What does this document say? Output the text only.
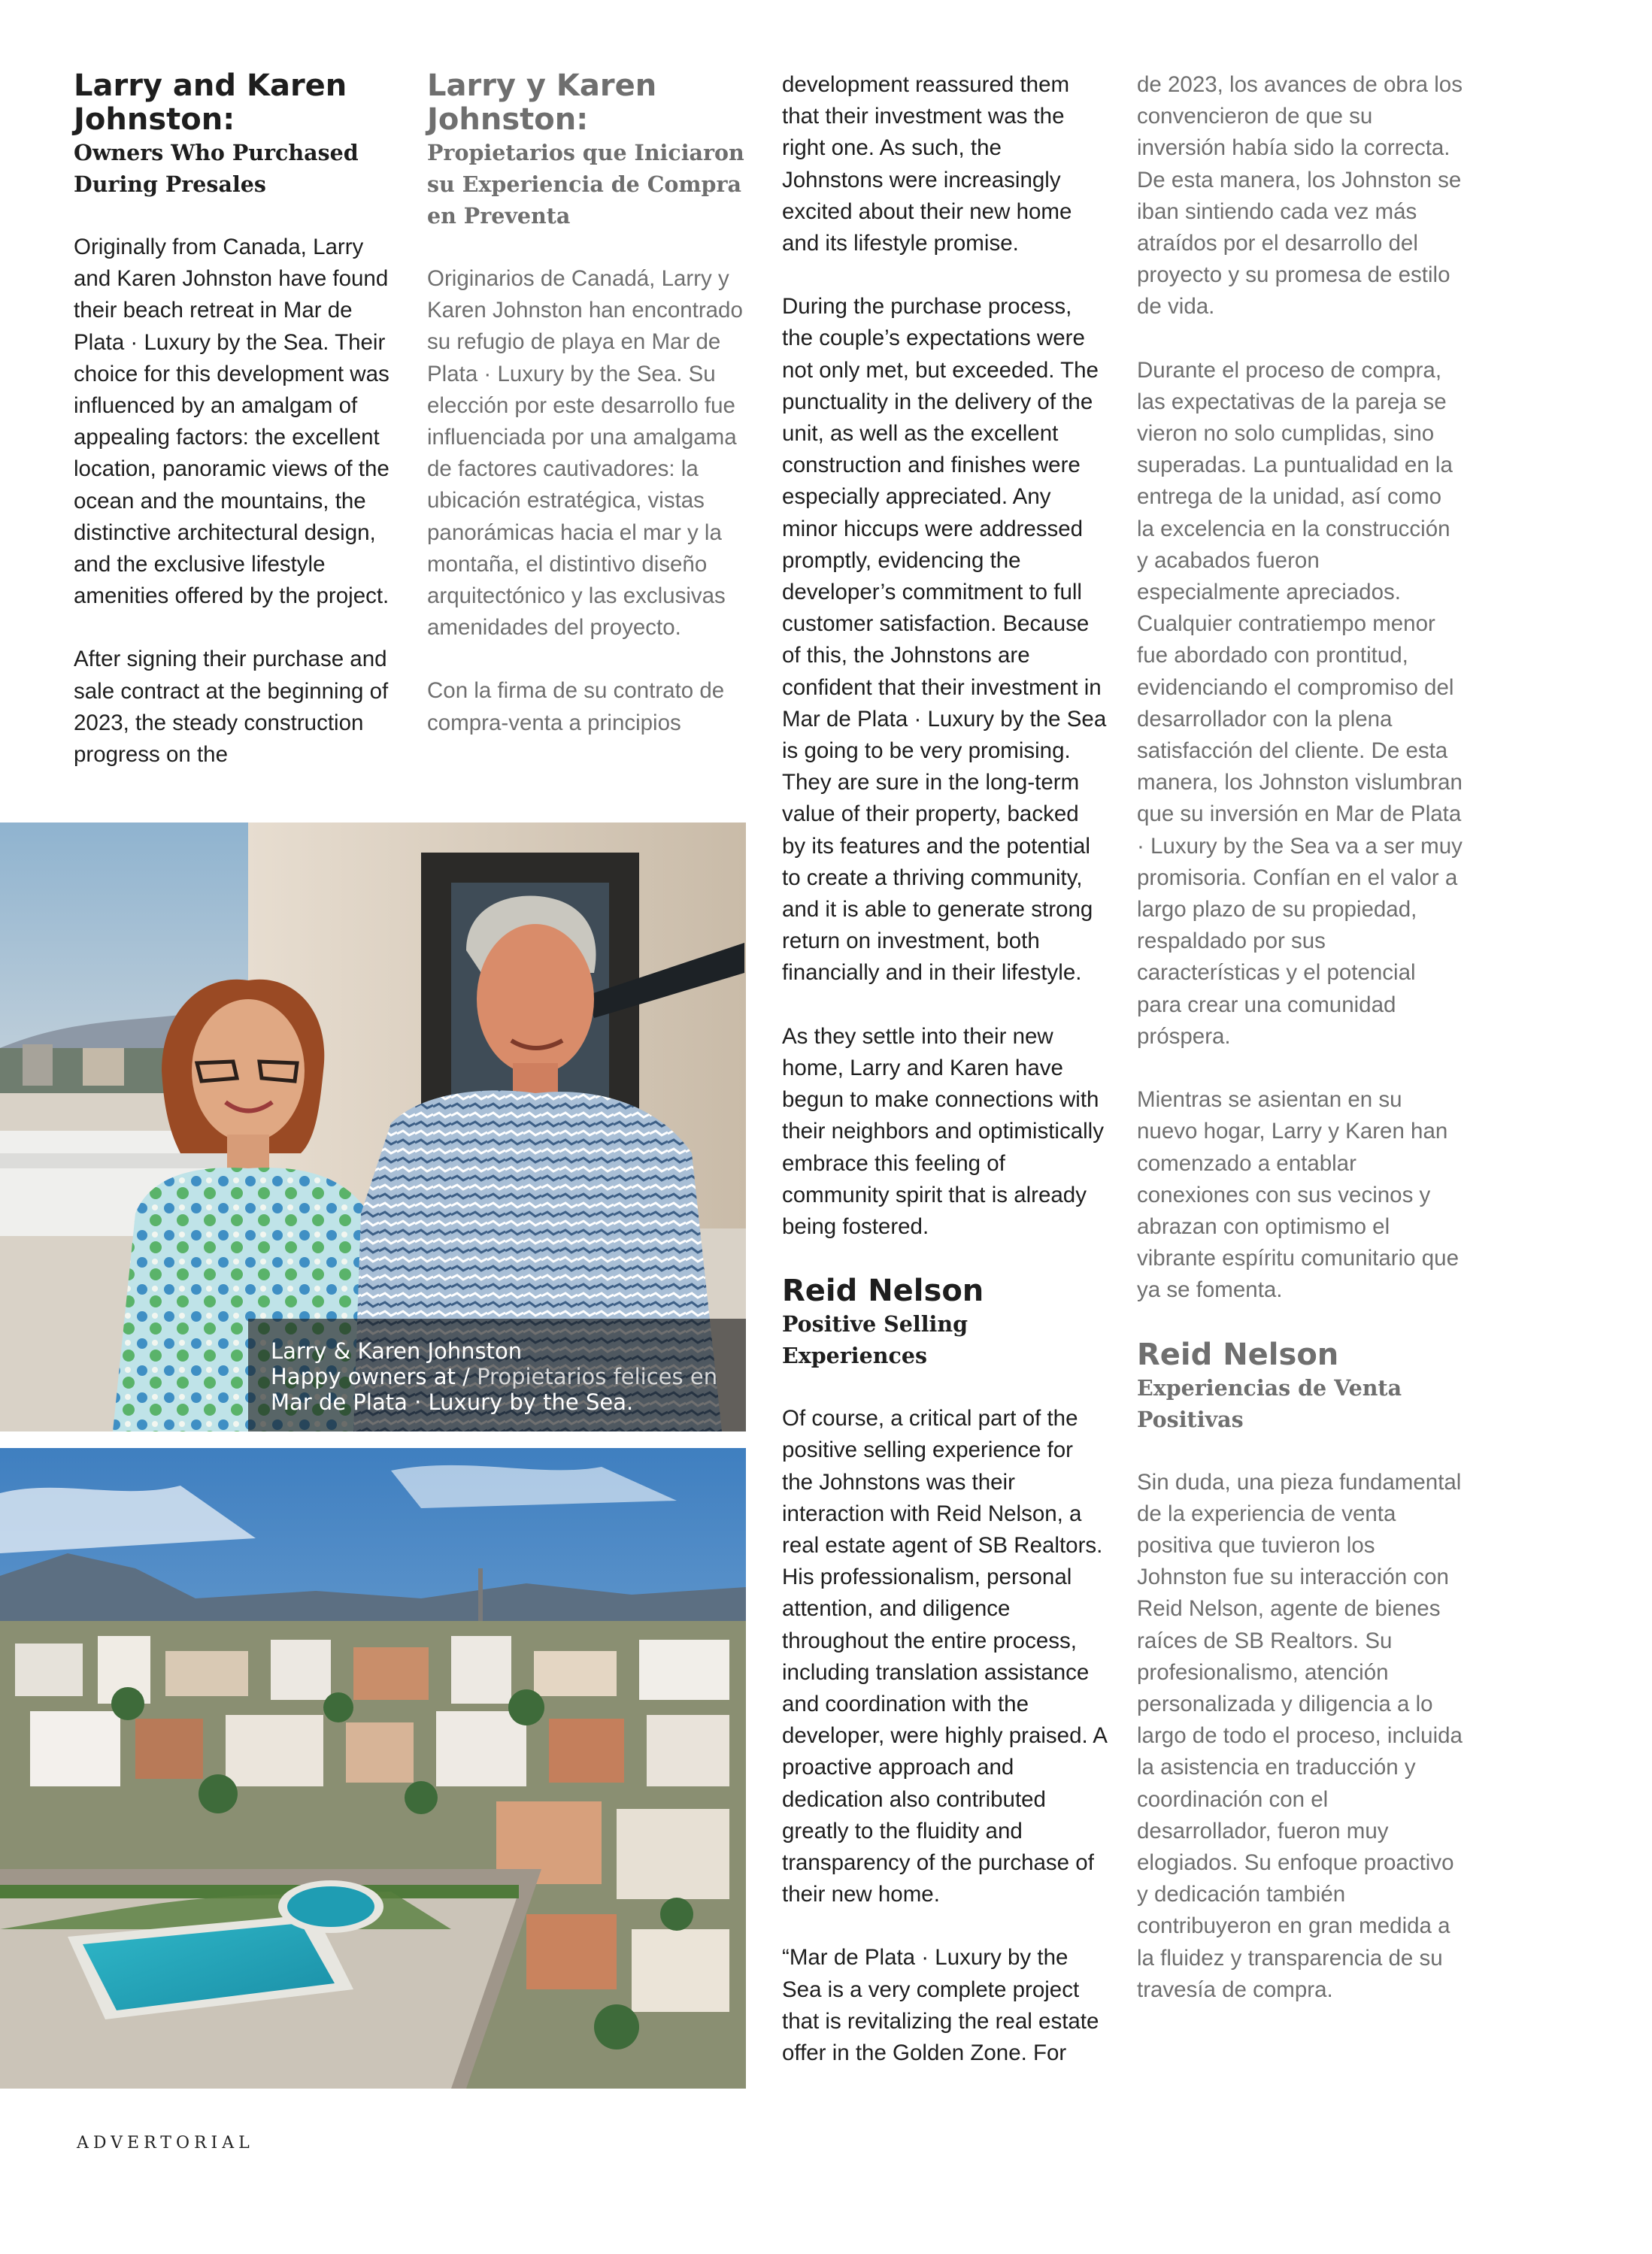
Larry and Karen Johnston:
Owners Who Purchased During Presales

Originally from Canada, Larry and Karen Johnston have found their beach retreat in Mar de Plata · Luxury by the Sea. Their choice for this development was influenced by an amalgam of appealing factors: the excellent location, panoramic views of the ocean and the mountains, the distinctive architectural design, and the exclusive lifestyle amenities offered by the project.

After signing their purchase and sale contract at the beginning of 2023, the steady construction progress on the

Larry y Karen Johnston:
Propietarios que Iniciaron su Experiencia de Compra en Preventa

Originarios de Canadá, Larry y Karen Johnston han encontrado su refugio de playa en Mar de Plata · Luxury by the Sea. Su elección por este desarrollo fue influenciada por una amalgama de factores cautivadores: la ubicación estratégica, vistas panorámicas hacia el mar y la montaña, el distintivo diseño arquitectónico y las exclusivas amenidades del proyecto.

Con la firma de su contrato de compra-venta a principios

development reassured them that their investment was the right one. As such, the Johnstons were increasingly excited about their new home and its lifestyle promise.

During the purchase process, the couple’s expectations were not only met, but exceeded. The punctuality in the delivery of the unit, as well as the excellent construction and finishes were especially appreciated. Any minor hiccups were addressed promptly, evidencing the developer’s commitment to full customer satisfaction. Because of this, the Johnstons are confident that their investment in Mar de Plata · Luxury by the Sea is going to be very promising. They are sure in the long-term value of their property, backed by its features and the potential to create a thriving community, and it is able to generate strong return on investment, both financially and in their lifestyle.

As they settle into their new home, Larry and Karen have begun to make connections with their neighbors and optimistically embrace this feeling of community spirit that is already being fostered.

Reid Nelson
Positive Selling Experiences

Of course, a critical part of the positive selling experience for the Johnstons was their interaction with Reid Nelson, a real estate agent of SB Realtors. His professionalism, personal attention, and diligence throughout the entire process, including translation assistance and coordination with the developer, were highly praised. A proactive approach and dedication also contributed greatly to the fluidity and transparency of the purchase of their new home.

“Mar de Plata · Luxury by the Sea is a very complete project that is revitalizing the real estate offer in the Golden Zone. For

de 2023, los avances de obra los convencieron de que su inversión había sido la correcta. De esta manera, los Johnston se iban sintiendo cada vez más atraídos por el desarrollo del proyecto y su promesa de estilo de vida.

Durante el proceso de compra, las expectativas de la pareja se vieron no solo cumplidas, sino superadas. La puntualidad en la entrega de la unidad, así como la excelencia en la construcción y acabados fueron especialmente apreciados. Cualquier contratiempo menor fue abordado con prontitud, evidenciando el compromiso del desarrollador con la plena satisfacción del cliente. De esta manera, los Johnston vislumbran que su inversión en Mar de Plata · Luxury by the Sea va a ser muy promisoria. Confían en el valor a largo plazo de su propiedad, respaldado por sus características y el potencial para crear una comunidad próspera.

Mientras se asientan en su nuevo hogar, Larry y Karen han comenzado a entablar conexiones con sus vecinos y abrazan con optimismo el vibrante espíritu comunitario que ya se fomenta.

Reid Nelson
Experiencias de Venta Positivas

Sin duda, una pieza fundamental de la experiencia de venta positiva que tuvieron los Johnston fue su interacción con Reid Nelson, agente de bienes raíces de SB Realtors. Su profesionalismo, atención personalizada y diligencia a lo largo de todo el proceso, incluida la asistencia en traducción y coordinación con el desarrollador, fueron muy elogiados. Su enfoque proactivo y dedicación también contribuyeron en gran medida a la fluidez y transparencia de su travesía de compra.

Larry & Karen Johnston
Happy owners at / Propietarios felices en Mar de Plata · Luxury by the Sea.
ADVERTORIAL
